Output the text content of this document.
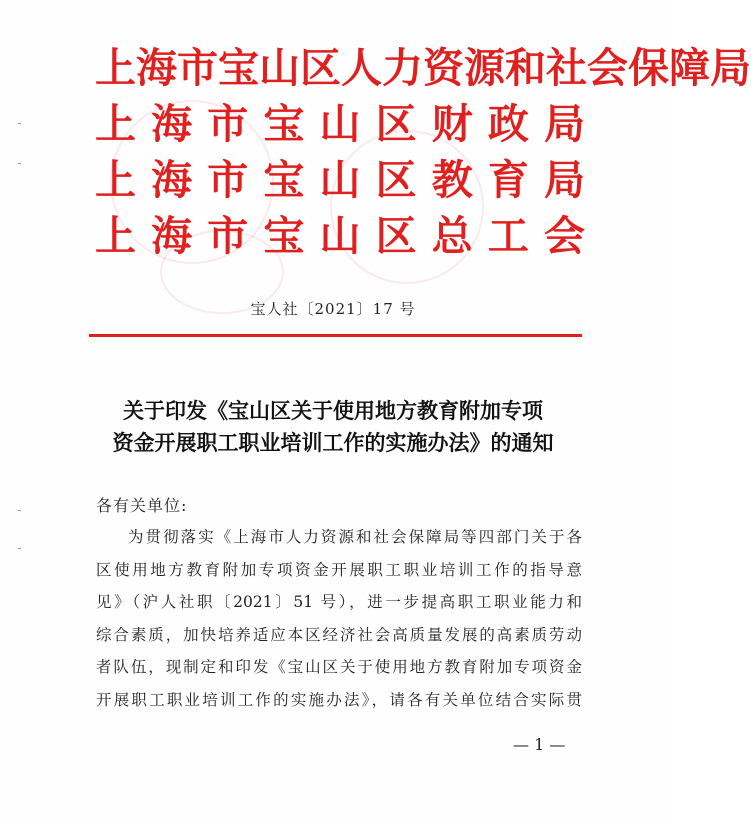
上 海 市 宝 山 区 人 力 资 源 和 社 会 保 障 局
上 海 市 宝 山 区 财 政 局
上 海 市 宝 山 区 教 育 局
上 海 市 宝 山 区 总 工 会
宝人社〔2021〕17 号
关于印发《宝山区关于使用地方教育附加专项
资金开展职工职业培训工作的实施办法》的通知
各有关单位:
为贯彻落实《上海市人力资源和社会保障局等四部门关于各
区使用地方教育附加专项资金开展职工职业培训工作的指导意
见》（沪人社职〔2021〕51 号），进一步提高职工职业能力和
综合素质，加快培养适应本区经济社会高质量发展的高素质劳动
者队伍，现制定和印发《宝山区关于使用地方教育附加专项资金
开展职工职业培训工作的实施办法》，请各有关单位结合实际贯
— 1 —
